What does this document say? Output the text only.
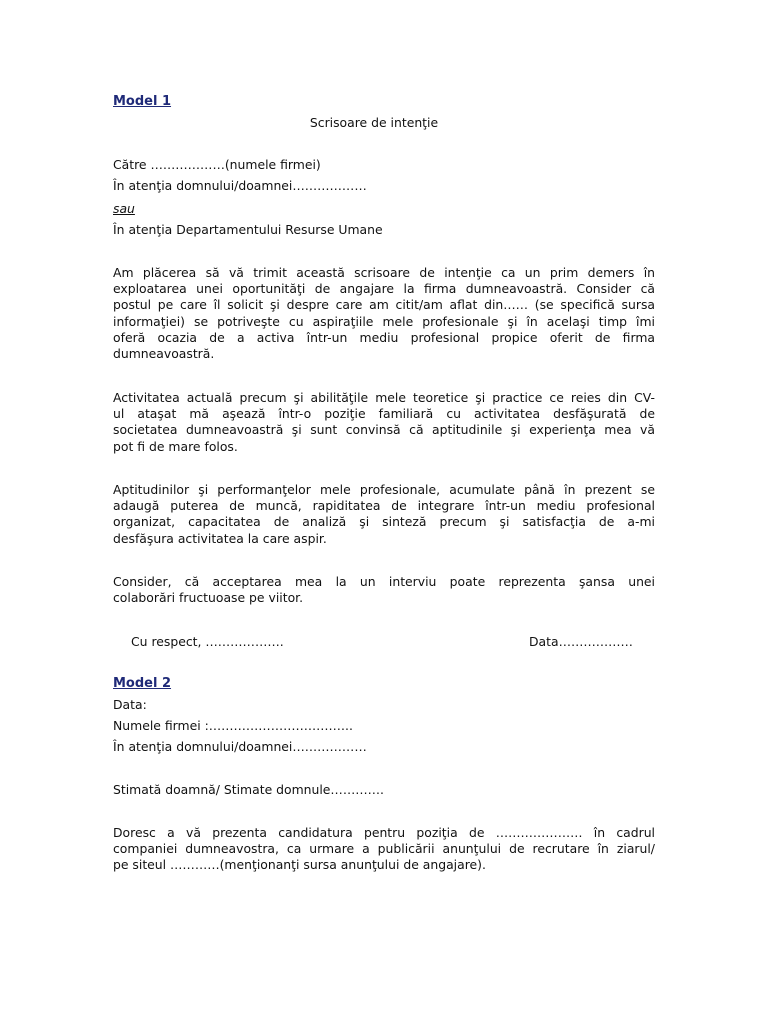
Model 1
Scrisoare de intenţie
Către ………………(numele firmei)
În atenţia domnului/doamnei………………
sau
În atenţia Departamentului Resurse Umane
Am plăcerea să vă trimit această scrisoare de intenţie ca un prim demers în
exploatarea unei oportunităţi de angajare la firma dumneavoastră. Consider că
postul pe care îl solicit şi despre care am citit/am aflat din…… (se specifică sursa
informaţiei) se potriveşte cu aspiraţiile mele profesionale şi în acelaşi timp îmi
oferă ocazia de a activa într-un mediu profesional propice oferit de firma
dumneavoastră.
Activitatea actuală precum şi abilităţile mele teoretice şi practice ce reies din CV-
ul ataşat mă aşează într-o poziţie familiară cu activitatea desfăşurată de
societatea dumneavoastră şi sunt convinsă că aptitudinile şi experienţa mea vă
pot fi de mare folos.
Aptitudinilor şi performanţelor mele profesionale, acumulate până în prezent se
adaugă puterea de muncă, rapiditatea de integrare într-un mediu profesional
organizat, capacitatea de analiză şi sinteză precum şi satisfacţia de a-mi
desfăşura activitatea la care aspir.
Consider, că acceptarea mea la un interviu poate reprezenta şansa unei
colaborări fructuoase pe viitor.
Cu respect, ……………….	Data………………
Model 2
Data:
Numele firmei :……………………………..
În atenţia domnului/doamnei………………
Stimată doamnă/ Stimate domnule………….
Doresc a vă prezenta candidatura pentru poziţia de ………………… în cadrul
companiei dumneavostra, ca urmare a publicării anunţului de recrutare în ziarul/
pe siteul …………(menţionanţi sursa anunţului de angajare).
